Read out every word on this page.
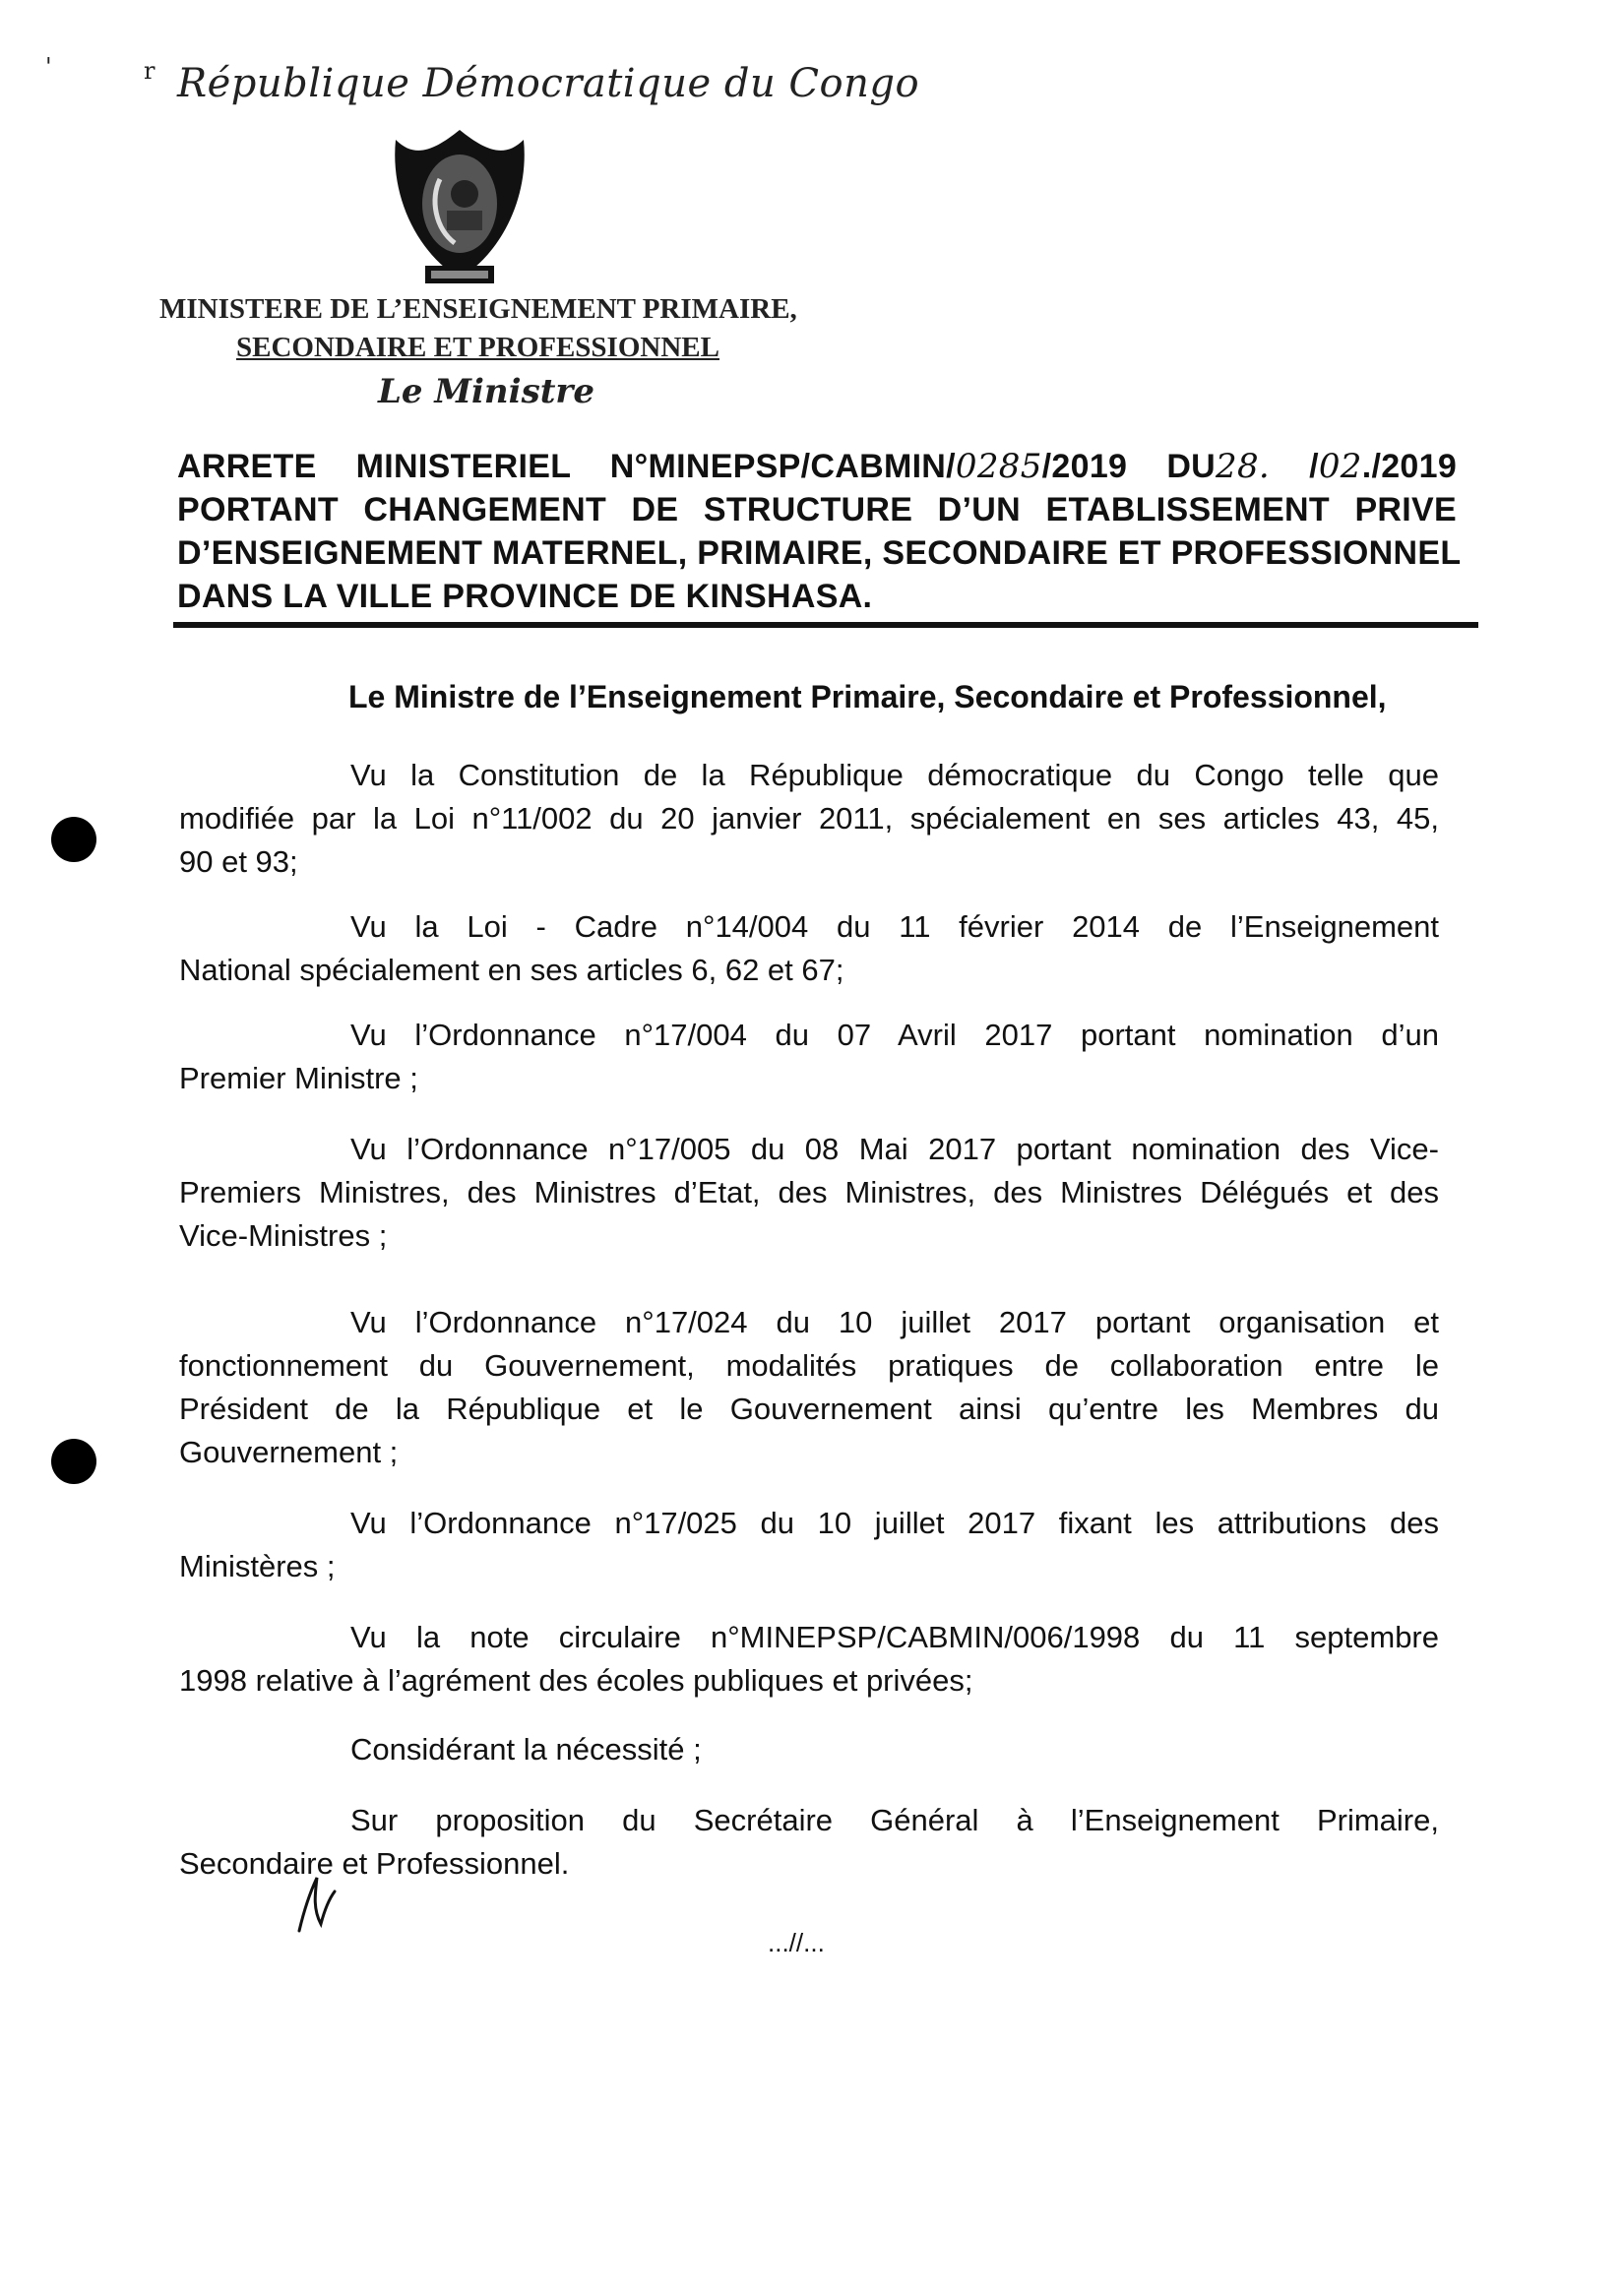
'	r République Démocratique du Congo
MINISTERE DE L’ENSEIGNEMENT PRIMAIRE,
SECONDAIRE ET PROFESSIONNEL
Le Ministre
ARRETE MINISTERIEL N°MINEPSP/CABMIN/0285/2019 DU28. /02./2019
PORTANT CHANGEMENT DE STRUCTURE D’UN ETABLISSEMENT PRIVE
D’ENSEIGNEMENT MATERNEL, PRIMAIRE, SECONDAIRE ET PROFESSIONNEL
DANS LA VILLE PROVINCE DE KINSHASA.
Le Ministre de l’Enseignement Primaire, Secondaire et Professionnel,
Vu la Constitution de la République démocratique du Congo telle que
modifiée par la Loi n°11/002 du 20 janvier 2011, spécialement en ses articles 43, 45,
90 et 93;
Vu la Loi - Cadre n°14/004 du 11 février 2014 de l’Enseignement
National spécialement en ses articles 6, 62 et 67;
Vu l’Ordonnance n°17/004 du 07 Avril 2017 portant nomination d’un
Premier Ministre ;
Vu l’Ordonnance n°17/005 du 08 Mai 2017 portant nomination des Vice-
Premiers Ministres, des Ministres d’Etat, des Ministres, des Ministres Délégués et des
Vice-Ministres ;
Vu l’Ordonnance n°17/024 du 10 juillet 2017 portant organisation et
fonctionnement du Gouvernement, modalités pratiques de collaboration entre le
Président de la République et le Gouvernement ainsi qu’entre les Membres du
Gouvernement ;
Vu l’Ordonnance n°17/025 du 10 juillet 2017 fixant les attributions des
Ministères ;
Vu la note circulaire n°MINEPSP/CABMIN/006/1998 du 11 septembre
1998 relative à l’agrément des écoles publiques et privées;
Considérant la nécessité ;
Sur proposition du Secrétaire Général à l’Enseignement Primaire,
Secondaire et Professionnel.
...//...
